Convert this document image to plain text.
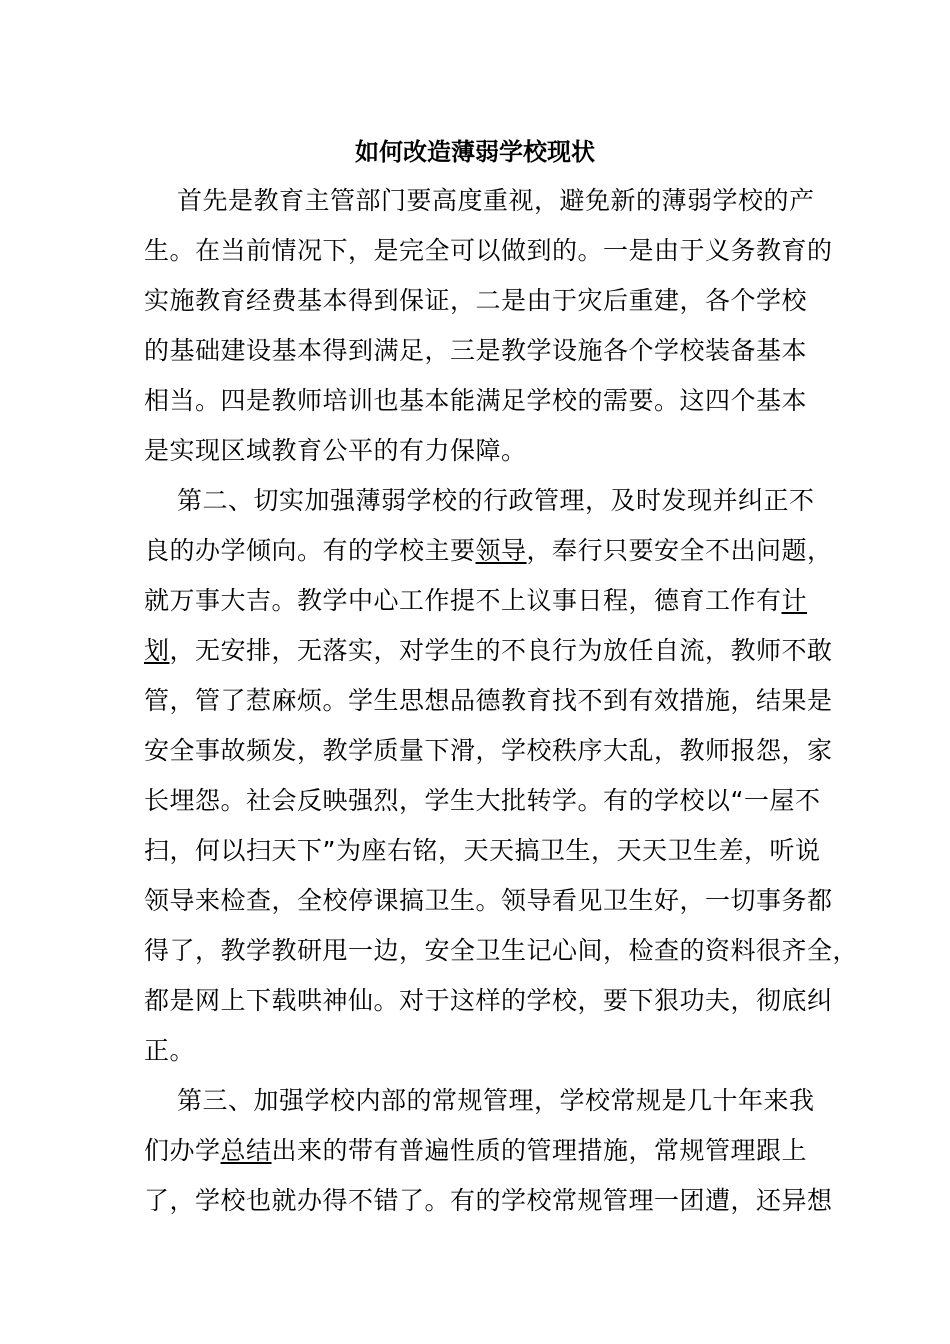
如何改造薄弱学校现状
首先是教育主管部门要高度重视，避免新的薄弱学校的产
生。在当前情况下，是完全可以做到的。一是由于义务教育的
实施教育经费基本得到保证，二是由于灾后重建，各个学校
的基础建设基本得到满足，三是教学设施各个学校装备基本
相当。四是教师培训也基本能满足学校的需要。这四个基本
是实现区域教育公平的有力保障。
第二、切实加强薄弱学校的行政管理，及时发现并纠正不
良的办学倾向。有的学校主要领导，奉行只要安全不出问题，
就万事大吉。教学中心工作提不上议事日程，德育工作有计
划，无安排，无落实，对学生的不良行为放任自流，教师不敢
管，管了惹麻烦。学生思想品德教育找不到有效措施，结果是
安全事故频发，教学质量下滑，学校秩序大乱，教师报怨，家
长埋怨。社会反映强烈，学生大批转学。有的学校以“一屋不
扫，何以扫天下”为座右铭，天天搞卫生，天天卫生差，听说
领导来检查，全校停课搞卫生。领导看见卫生好，一切事务都
得了，教学教研甩一边，安全卫生记心间，检查的资料很齐全，
都是网上下载哄神仙。对于这样的学校，要下狠功夫，彻底纠
正。
第三、加强学校内部的常规管理，学校常规是几十年来我
们办学总结出来的带有普遍性质的管理措施，常规管理跟上
了，学校也就办得不错了。有的学校常规管理一团遭，还异想
